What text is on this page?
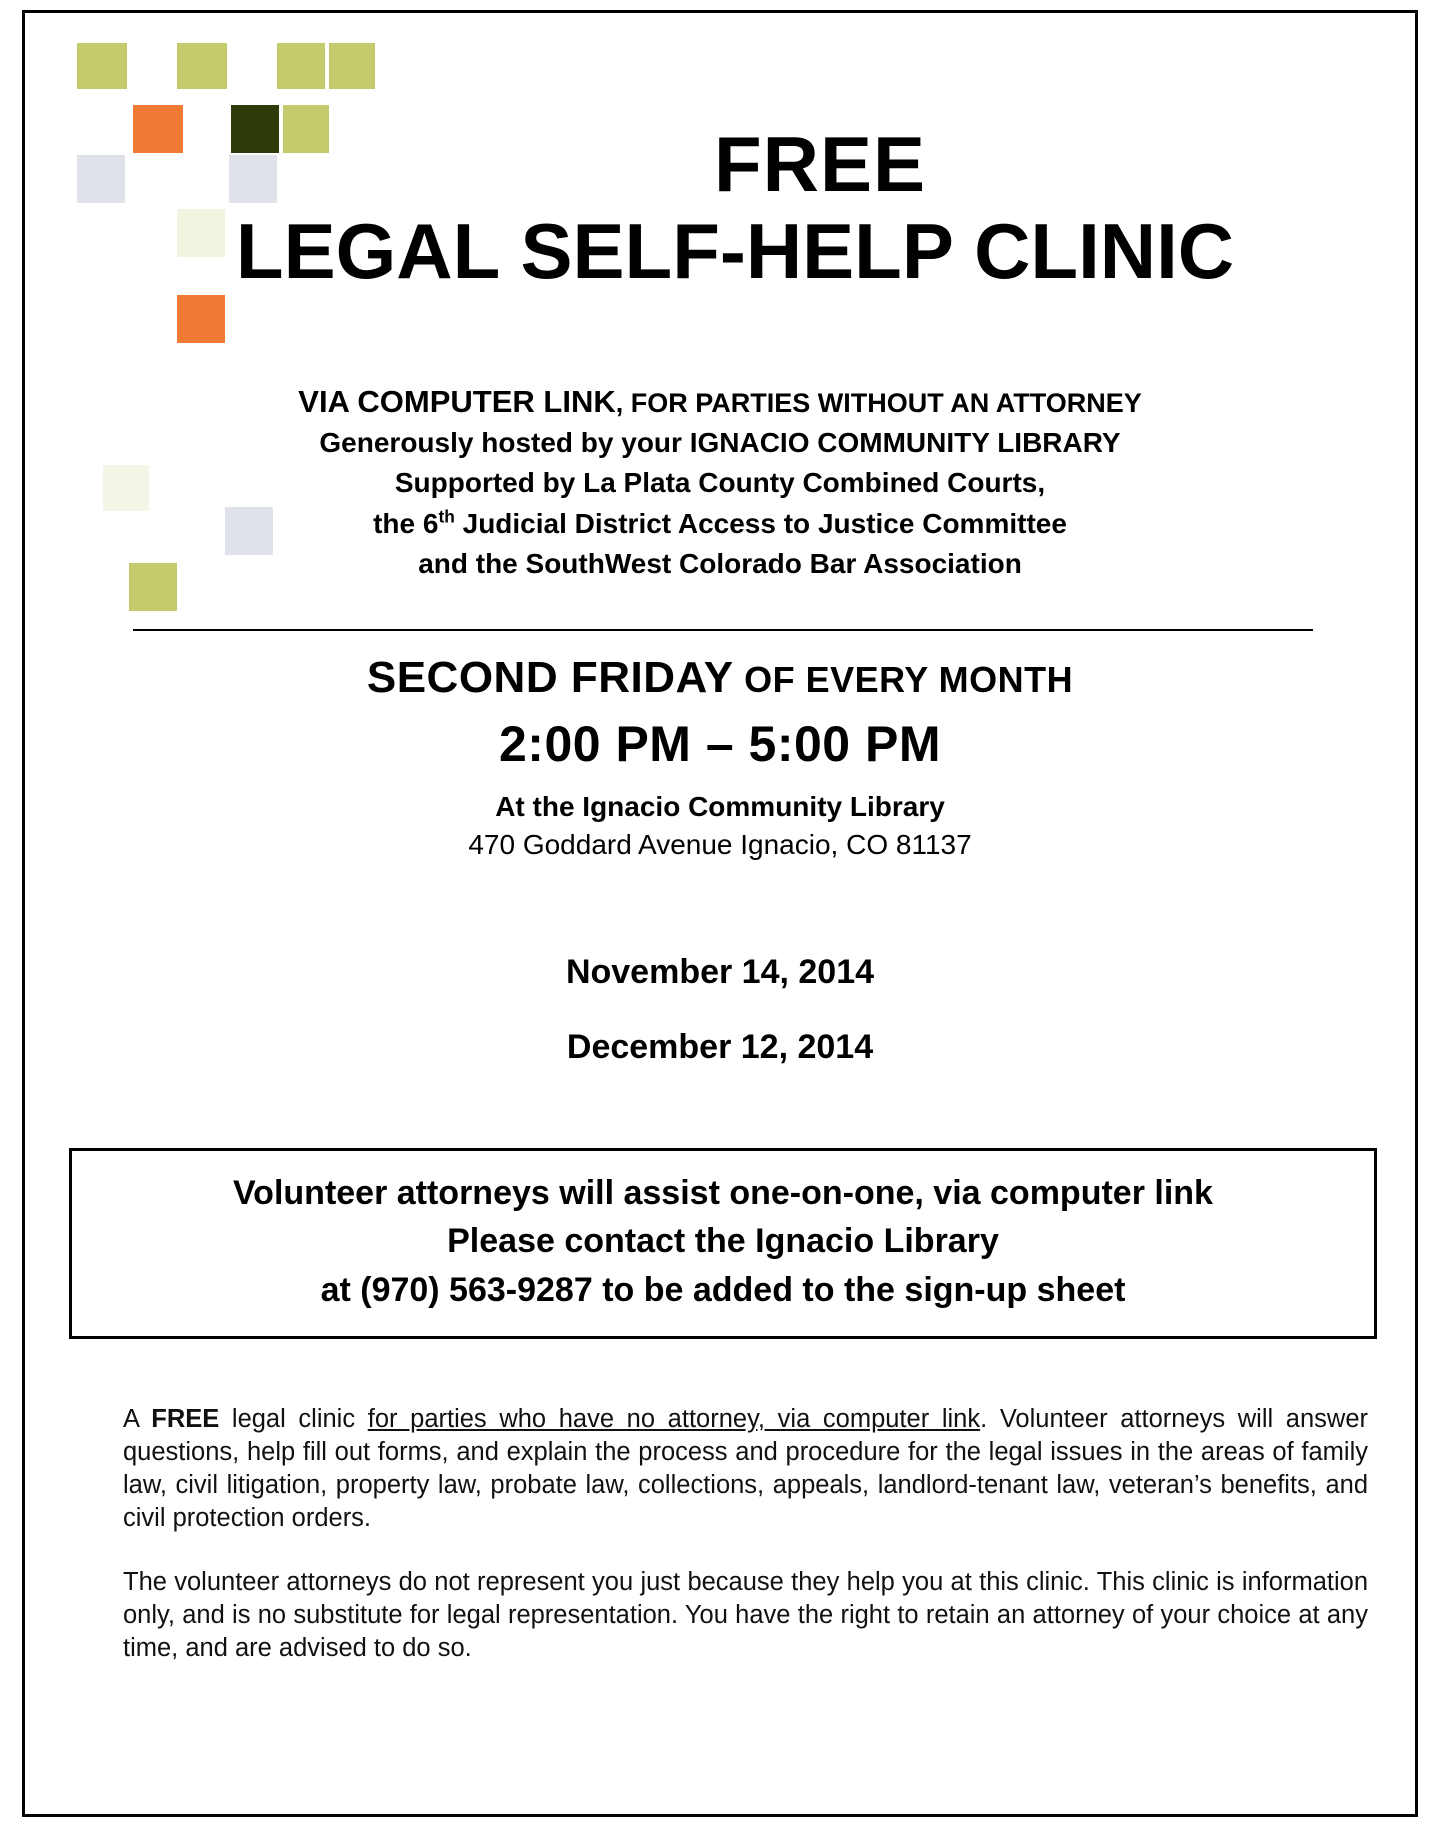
FREE
LEGAL SELF-HELP CLINIC
VIA COMPUTER LINK, FOR PARTIES WITHOUT AN ATTORNEY
Generously hosted by your IGNACIO COMMUNITY LIBRARY
Supported by La Plata County Combined Courts,
the 6th Judicial District Access to Justice Committee
and the SouthWest Colorado Bar Association
SECOND FRIDAY OF EVERY MONTH
2:00 PM – 5:00 PM
At the Ignacio Community Library
470 Goddard Avenue Ignacio, CO 81137
November 14, 2014
December 12, 2014
Volunteer attorneys will assist one-on-one, via computer link
Please contact the Ignacio Library
at (970) 563-9287 to be added to the sign-up sheet

A FREE legal clinic for parties who have no attorney, via computer link. Volunteer attorneys will answer questions, help fill out forms, and explain the process and procedure for the legal issues in the areas of family law, civil litigation, property law, probate law, collections, appeals, landlord-tenant law, veteran’s benefits, and civil protection orders.

The volunteer attorneys do not represent you just because they help you at this clinic. This clinic is information only, and is no substitute for legal representation. You have the right to retain an attorney of your choice at any time, and are advised to do so.
